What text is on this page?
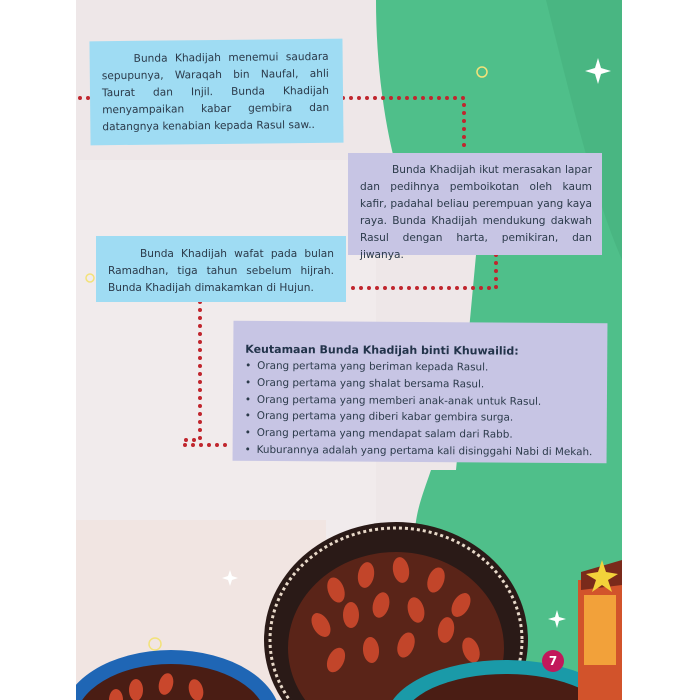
Bunda Khadijah menemui saudara sepupunya, Waraqah bin Naufal, ahli Taurat dan Injil. Bunda Khadijah menyampaikan kabar gembira dan datangnya kenabian kepada Rasul saw..

Bunda Khadijah ikut merasakan lapar dan pedihnya pemboikotan oleh kaum kafir, padahal beliau perempuan yang kaya raya. Bunda Khadijah mendukung dakwah Rasul dengan harta, pemikiran, dan jiwanya.

Bunda Khadijah wafat pada bulan Ramadhan, tiga tahun sebelum hijrah. Bunda Khadijah dimakamkan di Hujun.

Keutamaan Bunda Khadijah binti Khuwailid:
• Orang pertama yang beriman kepada Rasul.
• Orang pertama yang shalat bersama Rasul.
• Orang pertama yang memberi anak-anak untuk Rasul.
• Orang pertama yang diberi kabar gembira surga.
• Orang pertama yang mendapat salam dari Rabb.
• Kuburannya adalah yang pertama kali disinggahi Nabi di Mekah.
7
